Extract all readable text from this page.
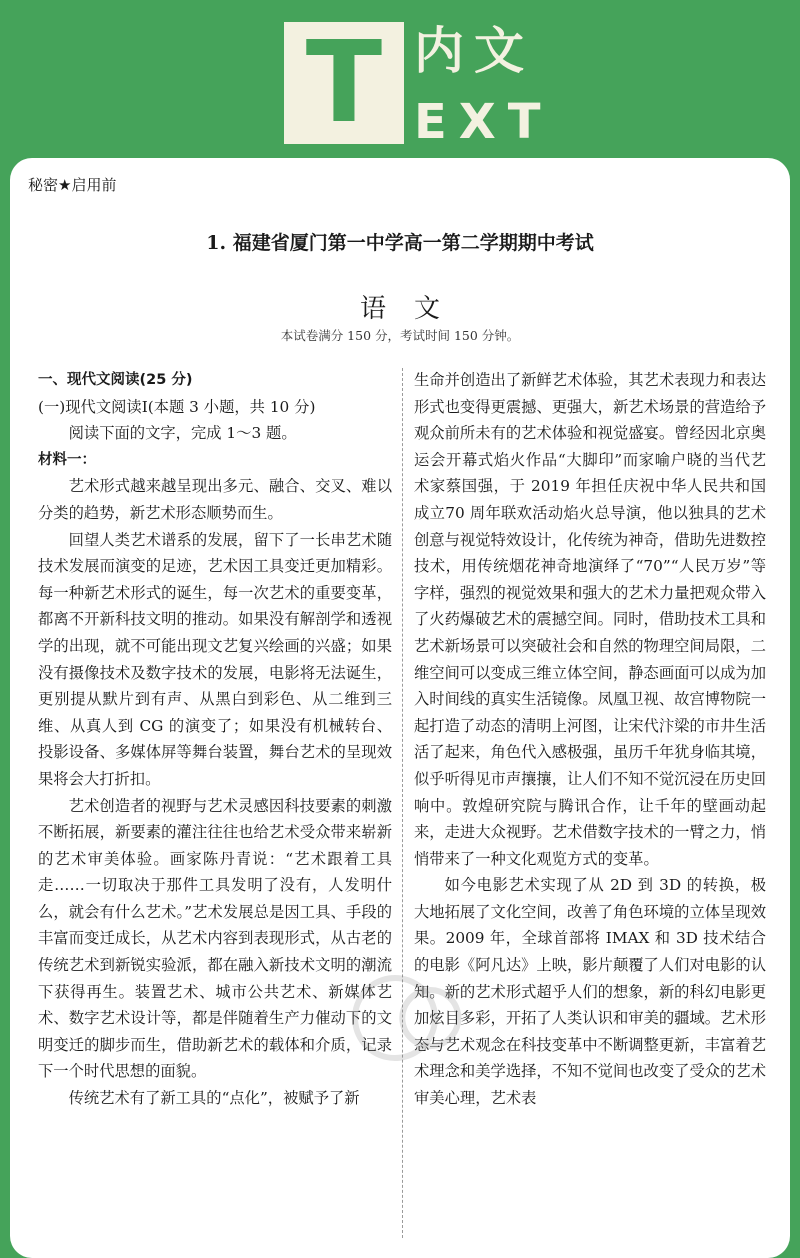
T 内文
EXT
秘密★启用前
1. 福建省厦门第一中学高一第二学期期中考试
语文
本试卷满分 150 分，考试时间 150 分钟。

一、现代文阅读(25 分)

(一)现代文阅读Ⅰ(本题 3 小题，共 10 分)

阅读下面的文字，完成 1～3 题。

材料一：

艺术形式越来越呈现出多元、融合、交叉、难以分类的趋势，新艺术形态顺势而生。

回望人类艺术谱系的发展，留下了一长串艺术随技术发展而演变的足迹，艺术因工具变迁更加精彩。每一种新艺术形式的诞生，每一次艺术的重要变革，都离不开新科技文明的推动。如果没有解剖学和透视学的出现，就不可能出现文艺复兴绘画的兴盛；如果没有摄像技术及数字技术的发展，电影将无法诞生，更别提从默片到有声、从黑白到彩色、从二维到三维、从真人到 CG 的演变了；如果没有机械转台、投影设备、多媒体屏等舞台装置，舞台艺术的呈现效果将会大打折扣。

艺术创造者的视野与艺术灵感因科技要素的刺激不断拓展，新要素的灌注往往也给艺术受众带来崭新的艺术审美体验。画家陈丹青说：“艺术跟着工具走……一切取决于那件工具发明了没有，人发明什么，就会有什么艺术。”艺术发展总是因工具、手段的丰富而变迁成长，从艺术内容到表现形式，从古老的传统艺术到新锐实验派，都在融入新技术文明的潮流下获得再生。装置艺术、城市公共艺术、新媒体艺术、数字艺术设计等，都是伴随着生产力催动下的文明变迁的脚步而生，借助新艺术的载体和介质，记录下一个时代思想的面貌。

传统艺术有了新工具的“点化”，被赋予了新

生命并创造出了新鲜艺术体验，其艺术表现力和表达形式也变得更震撼、更强大，新艺术场景的营造给予观众前所未有的艺术体验和视觉盛宴。曾经因北京奥运会开幕式焰火作品“大脚印”而家喻户晓的当代艺术家蔡国强，于 2019 年担任庆祝中华人民共和国成立70 周年联欢活动焰火总导演，他以独具的艺术创意与视觉特效设计，化传统为神奇，借助先进数控技术，用传统烟花神奇地演绎了“70”“人民万岁”等字样，强烈的视觉效果和强大的艺术力量把观众带入了火药爆破艺术的震撼空间。同时，借助技术工具和艺术新场景可以突破社会和自然的物理空间局限，二维空间可以变成三维立体空间，静态画面可以成为加入时间线的真实生活镜像。凤凰卫视、故宫博物院一起打造了动态的清明上河图，让宋代汴梁的市井生活活了起来，角色代入感极强，虽历千年犹身临其境，似乎听得见市声攘攘，让人们不知不觉沉浸在历史回响中。敦煌研究院与腾讯合作，让千年的壁画动起来，走进大众视野。艺术借数字技术的一臂之力，悄悄带来了一种文化观览方式的变革。

如今电影艺术实现了从 2D 到 3D 的转换，极大地拓展了文化空间，改善了角色环境的立体呈现效果。2009 年，全球首部将 IMAX 和 3D 技术结合的电影《阿凡达》上映，影片颠覆了人们对电影的认知。新的艺术形式超乎人们的想象，新的科幻电影更加炫目多彩，开拓了人类认识和审美的疆域。艺术形态与艺术观念在科技变革中不断调整更新，丰富着艺术理念和美学选择，不知不觉间也改变了受众的艺术审美心理，艺术表
